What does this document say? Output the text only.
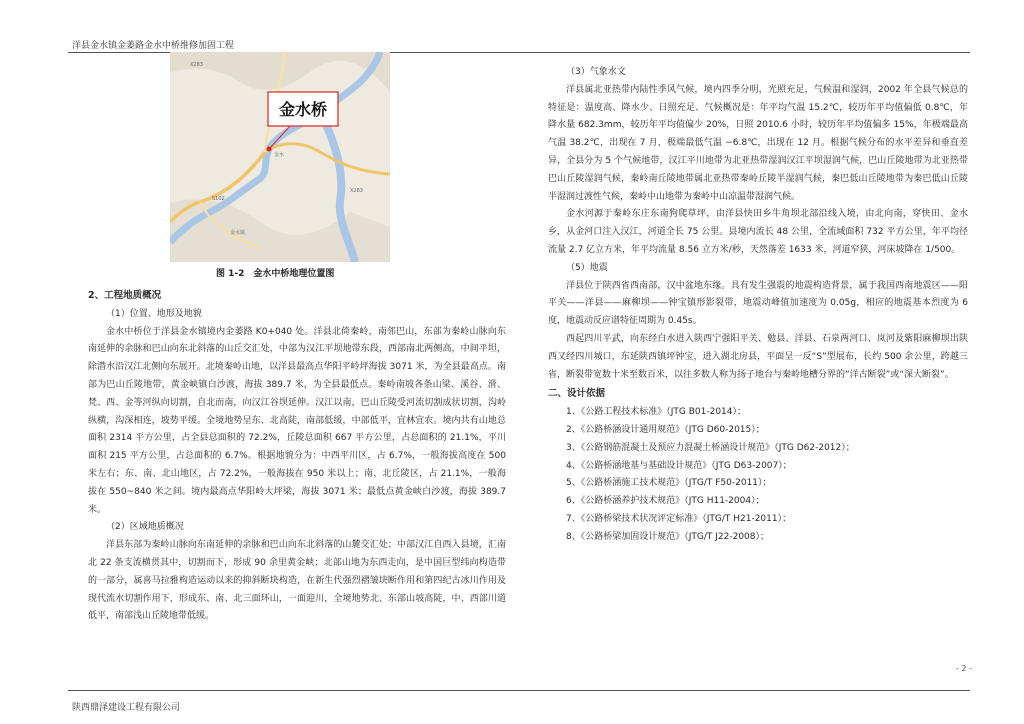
洋县金水镇金萎路金水中桥维修加固工程
金水桥
X283
金水
S102
金水镇
X283
图 1-2　金水中桥地理位置图

2、工程地质概况

（1）位置、地形及地貌

金水中桥位于洋县金水镇境内金萎路 K0+040 处。洋县北倚秦岭，南邻巴山，东部为秦岭山脉向东南延伸的余脉和巴山向东北斜落的山丘交汇处，中部为汉江平坝地带东段，西部南北两侧高，中间平坦，除潜水沿汉江北侧向东展开。北境秦岭山地，以洋县最高点华阳平岭坪海拔 3071 米，为全县最高点。南部为巴山丘陵地带，黄金峡镇白沙渡，海拔 389.7 米，为全县最低点。秦岭南坡各条山梁、溪谷、滑、梵、西、金等河纵向切割，自北而南，向汉江谷坝延伸。汉江以南，巴山丘陵受河流切割成状切割，沟岭纵横，沟深相连，坡势平缓。全境地势呈东、北高陡，南部低缓，中部低平，宜林宜农。境内共有山地总面积 2314 平方公里，占全县总面积的 72.2%，丘陵总面积 667 平方公里，占总面积的 21.1%，平川面积 215 平方公里，占总面积的 6.7%。根据地貌分为：中西平川区，占 6.7%，一般海拔高度在 500 米左右；东、南、北山地区，占 72.2%，一般海拔在 950 米以上；南、北丘陵区，占 21.1%，一般海拔在 550~840 米之间。境内最高点华阳岭大坪梁，海拔 3071 米；最低点黄金峡白沙渡，海拔 389.7 米。

（2）区域地质概况

洋县东部为秦岭山脉向东南延伸的余脉和巴山向东北斜落的山麓交汇处；中部汉江自西入县境，汇南北 22 条支流横贯其中，切割而下，形成 90 余里黄金峡；北部山地为东西走向，是中国巨型纬向构造带的一部分，属喜马拉雅构造运动以来的抑斜断块构造，在新生代强烈褶皱块断作用和第四纪古冰川作用及现代流水切割作用下，形成东、南、北三面环山，一面迎川，全境地势北、东部山坡高陡，中、西部川道低平，南部浅山丘陵地带低缓。

（3）气象水文

洋县属北亚热带内陆性季风气候，境内四季分明，光照充足，气候温和湿润，2002 年全县气候总的特征是：温度高、降水少、日照充足、气候概况是：年平均气温 15.2℃，较历年平均值偏低 0.8℃，年降水量 682.3mm，较历年平均值偏少 20%，日照 2010.6 小时，较历年平均值偏多 15%，年极端最高气温 38.2℃，出现在 7 月，极端最低气温 −6.8℃，出现在 12 月。根据气候分布的水平差异和垂直差异，全县分为 5 个气候地带，汉江平川地带为北亚热带湿润汉江平坝湿润气候，巴山丘陵地带为北亚热带巴山丘陵湿润气候，秦岭南丘陵地带属北亚热带秦岭丘陵半湿润气候，秦巴低山丘陵地带为秦巴低山丘陵半湿润过渡性气候，秦岭中山地带为秦岭中山凉温带湿润气候。

金水河源于秦岭东庄东南狗爬草坪，由洋县快田乡牛角坝北部沿线入境，由北向南，穿快田、金水乡，从金河口注入汉江，河道全长 75 公里。县境内流长 48 公里，全流域面积 732 平方公里，年平均径流量 2.7 亿立方米，年平均流量 8.56 立方米/秒，天然落差 1633 米，河道窄狭，河床坡降在 1/500。

（5）地震

洋县位于陕西省西南部，汉中盆地东缘。具有发生强震的地震构造背景，属于我国西南地震区——阳平关——洋县——麻柳坝——钟宝镇形影裂带，地震动峰值加速度为 0.05g，相应的地震基本烈度为 6 度，地震动反应谱特征周期为 0.45s。

西起四川平武，向东经白水进入陕西宁强阳平关、勉县、洋县、石泉两河口、岚河及紫阳麻柳坝出陕西又经四川城口，东延陕西镇坪钟宝，进入湖北房县，平面呈一反“S”型展布，长约 500 余公里，跨越三省，断裂带宽数十米至数百米，以往多数人称为扬子地台与秦岭地槽分界的“洋古断裂”或“深大断裂”。

二、设计依据

1、《公路工程技术标准》（JTG B01-2014）；

2、《公路桥涵设计通用规范》（JTG D60-2015）；

3、《公路钢筋混凝土及预应力混凝土桥涵设计规范》（JTG D62-2012）；

4、《公路桥涵地基与基础设计规范》（JTG D63-2007）；

5、《公路桥涵施工技术规范》（JTG/T F50-2011）；

6、《公路桥涵养护技术规范》（JTG H11-2004）；

7、《公路桥梁技术状况评定标准》（JTG/T H21-2011）；

8、《公路桥梁加固设计规范》（JTG/T J22-2008）；

- 2 -
陕西鼎泽建设工程有限公司
